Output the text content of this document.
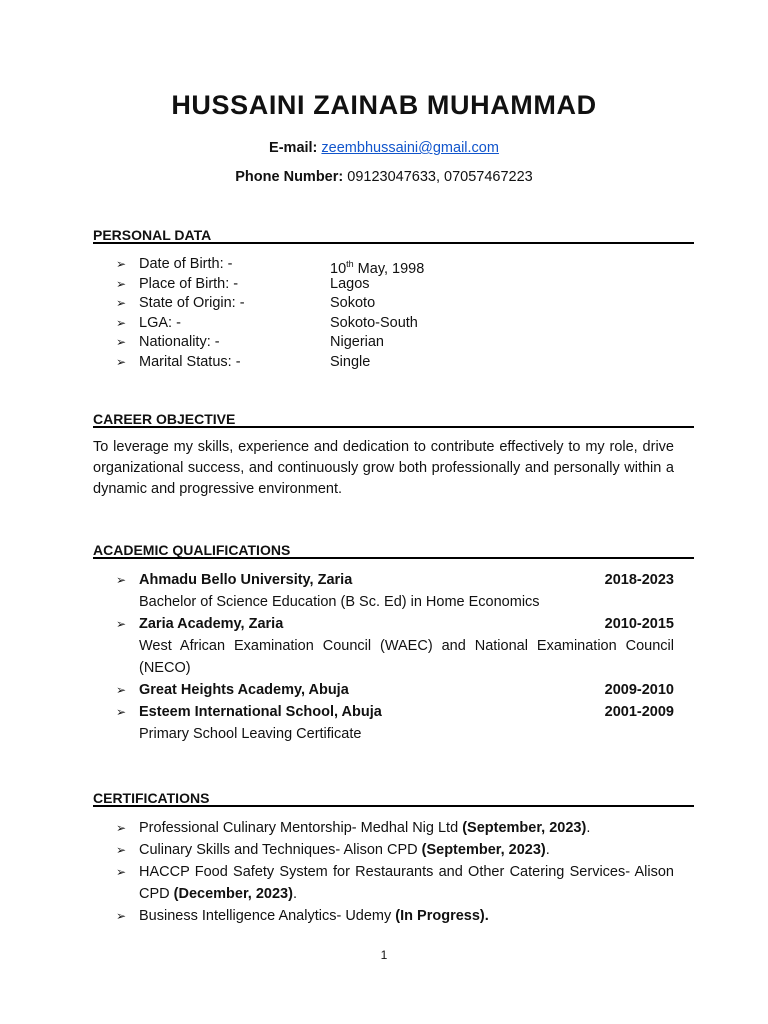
HUSSAINI ZAINAB MUHAMMAD
E-mail: zeembhussaini@gmail.com
Phone Number: 09123047633, 07057467223
PERSONAL DATA
➢ Date of Birth: -	10th May, 1998
➢ Place of Birth: -	Lagos
➢ State of Origin: -	Sokoto
➢ LGA: -	Sokoto-South
➢ Nationality: -	Nigerian
➢ Marital Status: -	Single
CAREER OBJECTIVE
To leverage my skills, experience and dedication to contribute effectively to my role, drive organizational success, and continuously grow both professionally and personally within a dynamic and progressive environment.
ACADEMIC QUALIFICATIONS
➢ Ahmadu Bello University, Zaria	2018-2023
Bachelor of Science Education (B Sc. Ed) in Home Economics
➢ Zaria Academy, Zaria	2010-2015
West African Examination Council (WAEC) and National Examination Council (NECO)
➢ Great Heights Academy, Abuja	2009-2010
➢ Esteem International School, Abuja	2001-2009
Primary School Leaving Certificate
CERTIFICATIONS
➢ Professional Culinary Mentorship- Medhal Nig Ltd (September, 2023).
➢ Culinary Skills and Techniques- Alison CPD (September, 2023).
➢ HACCP Food Safety System for Restaurants and Other Catering Services- Alison CPD (December, 2023).
➢ Business Intelligence Analytics- Udemy (In Progress).
1
